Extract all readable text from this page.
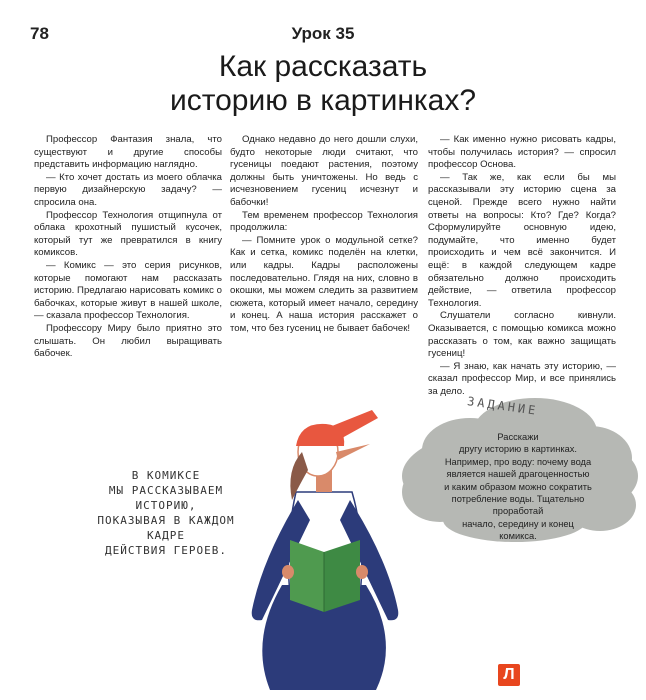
78	Урок 35
Как рассказать
историю в картинках?

Профессор Фантазия знала, что существуют и другие способы представить информацию наглядно.

— Кто хочет достать из моего облачка первую дизайнерскую задачу? — спросила она.

Профессор Технология отщипнула от облака крохотный пушистый кусочек, который тут же превратился в книгу комиксов.

— Комикс — это серия рисунков, которые помогают нам рассказать историю. Предлагаю нарисовать комикс о бабочках, которые живут в нашей школе, — сказала профессор Технология.

Профессору Миру было приятно это слышать. Он любил выращивать бабочек.

Однако недавно до него дошли слухи, будто некоторые люди считают, что гусеницы поедают растения, поэтому должны быть уничтожены. Но ведь с исчезновением гусениц исчезнут и бабочки!

Тем временем профессор Технология продолжила:

— Помните урок о модульной сетке? Как и сетка, комикс поделён на клетки, или кадры. Кадры расположены последовательно. Глядя на них, словно в окошки, мы можем следить за развитием сюжета, который имеет начало, середину и конец. А наша история расскажет о том, что без гусениц не бывает бабочек!

— Как именно нужно рисовать кадры, чтобы получилась история? — спросил профессор Основа.

— Так же, как если бы мы рассказывали эту историю сцена за сценой. Прежде всего нужно найти ответы на вопросы: Кто? Где? Когда? Сформулируйте основную идею, подумайте, что именно будет происходить и чем всё закончится. И ещё: в каждой следующем кадре обязательно должно происходить действие, — ответила профессор Технология.

Слушатели согласно кивнули. Оказывается, с помощью комикса можно рассказать о том, как важно защищать гусениц!

— Я знаю, как начать эту историю, — сказал профессор Мир, и все принялись за дело.

В КОМИКСЕ
МЫ РАССКАЗЫВАЕМ ИСТОРИЮ,
ПОКАЗЫВАЯ В КАЖДОМ КАДРЕ
ДЕЙСТВИЯ ГЕРОЕВ.
ЗАДАНИЕ
Расскажи
другу историю в картинках.
Например, про воду: почему вода
является нашей драгоценностью
и каким образом можно сократить
потребление воды. Тщательно проработай
начало, середину и конец
комикса.
Л
